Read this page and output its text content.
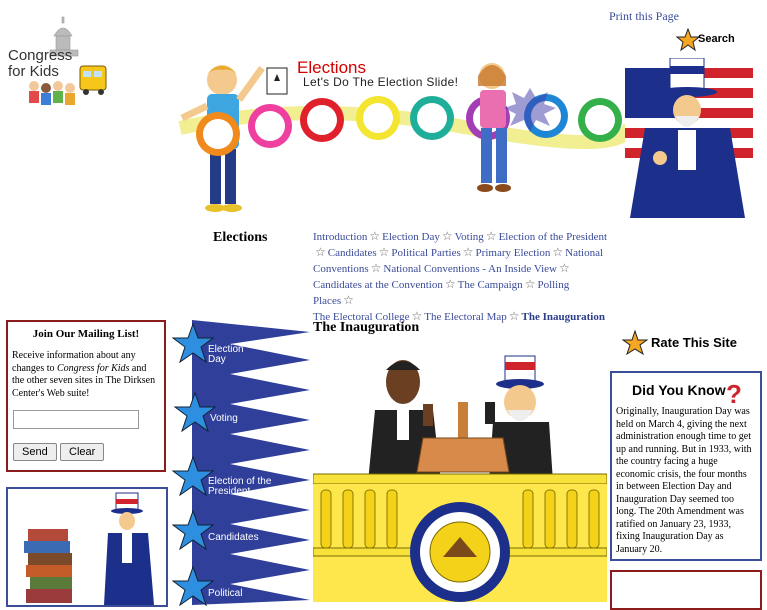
Congress
for Kids
Print this Page
Search
Elections
Let's Do The Election Slide!
Elections	Introduction ☆ Election Day ☆ Voting ☆ Election of the President
☆ Candidates ☆ Political Parties ☆ Primary Election ☆ National Conventions ☆ National Conventions - An Inside View ☆
Candidates at the Convention ☆ The Campaign ☆ Polling Places ☆
The Electoral College ☆ The Electoral Map ☆ The Inauguration
Join Our Mailing List!

Receive information about any changes to Congress for Kids and the other seven sites in The Dirksen Center's Web suite!

Send	Clear
Election Day
Voting
Election of the President
Candidates
Political
The Inauguration
Rate This Site
Did You Know ?

Originally, Inauguration Day was held on March 4, giving the next administration enough time to get up and running. But in 1933, with the country facing a huge economic crisis, the four months in between Election Day and Inauguration Day seemed too long. The 20th Amendment was ratified on January 23, 1933, fixing Inauguration Day as January 20.
